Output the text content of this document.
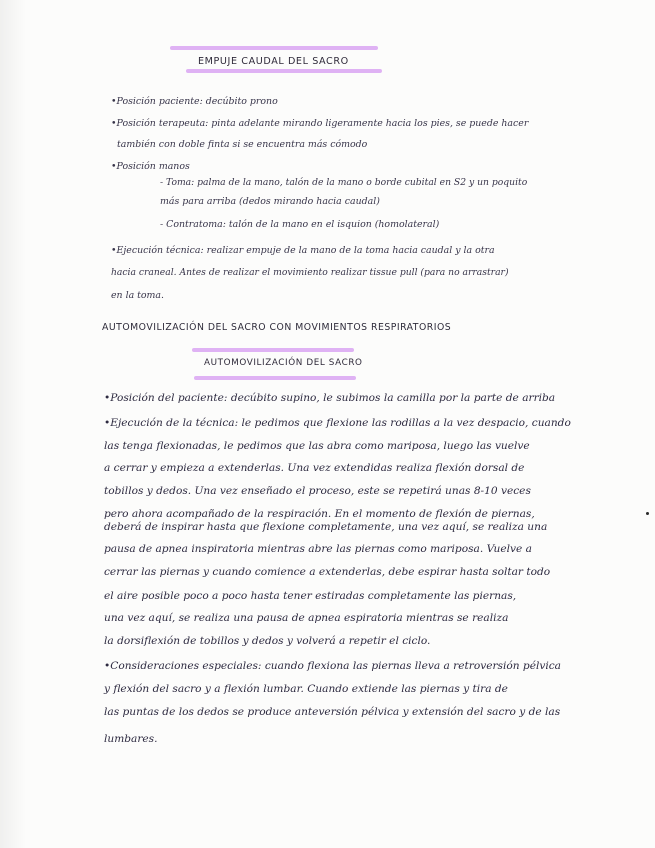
EMPUJE CAUDAL DEL SACRO
•Posición paciente: decúbito prono
•Posición terapeuta: pinta adelante mirando ligeramente hacia los pies, se puede hacer
también con doble finta si se encuentra más cómodo
•Posición manos
- Toma: palma de la mano, talón de la mano o borde cubital en S2 y un poquito
más para arriba (dedos mirando hacia caudal)
- Contratoma: talón de la mano en el isquion (homolateral)
•Ejecución técnica: realizar empuje de la mano de la toma hacia caudal y la otra
hacia craneal. Antes de realizar el movimiento realizar tissue pull (para no arrastrar)
en la toma.
AUTOMOVILIZACIÓN DEL SACRO CON MOVIMIENTOS RESPIRATORIOS
AUTOMOVILIZACIÓN DEL SACRO
•Posición del paciente: decúbito supino, le subimos la camilla por la parte de arriba
•Ejecución de la técnica: le pedimos que flexione las rodillas a la vez despacio, cuando
las tenga flexionadas, le pedimos que las abra como mariposa, luego las vuelve
a cerrar y empieza a extenderlas. Una vez extendidas realiza flexión dorsal de
tobillos y dedos. Una vez enseñado el proceso, este se repetirá unas 8-10 veces
pero ahora acompañado de la respiración. En el momento de flexión de piernas,
deberá de inspirar hasta que flexione completamente, una vez aquí, se realiza una
pausa de apnea inspiratoria mientras abre las piernas como mariposa. Vuelve a
cerrar las piernas y cuando comience a extenderlas, debe espirar hasta soltar todo
el aire posible poco a poco hasta tener estiradas completamente las piernas,
una vez aquí, se realiza una pausa de apnea espiratoria mientras se realiza
la dorsiflexión de tobillos y dedos y volverá a repetir el ciclo.
•Consideraciones especiales: cuando flexiona las piernas lleva a retroversión pélvica
y flexión del sacro y a flexión lumbar. Cuando extiende las piernas y tira de
las puntas de los dedos se produce anteversión pélvica y extensión del sacro y de las
lumbares.
